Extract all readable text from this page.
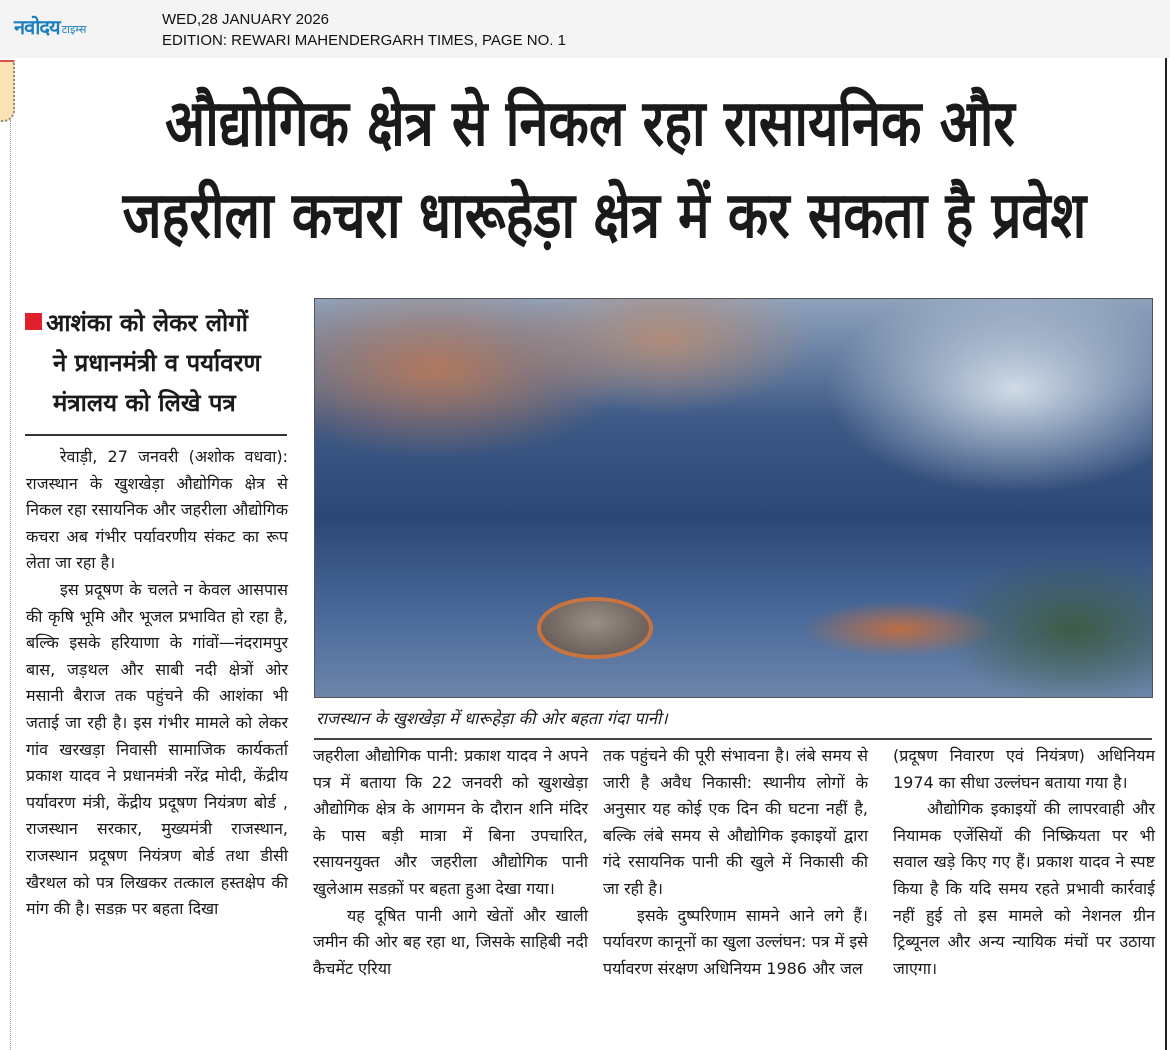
नवोदय टाइम्स
WED,28 JANUARY 2026
EDITION: REWARI MAHENDERGARH TIMES, PAGE NO. 1
औद्योगिक क्षेत्र से निकल रहा रासायनिक और
जहरीला कचरा धारूहेड़ा क्षेत्र में कर सकता है प्रवेश
आशंका को लेकर लोगों
ने प्रधानमंत्री व पर्यावरण
मंत्रालय को लिखे पत्र

रेवाड़ी, 27 जनवरी (अशोक वधवा): राजस्थान के खुशखेड़ा औद्योगिक क्षेत्र से निकल रहा रसायनिक और जहरीला औद्योगिक कचरा अब गंभीर पर्यावरणीय संकट का रूप लेता जा रहा है।

इस प्रदूषण के चलते न केवल आसपास की कृषि भूमि और भूजल प्रभावित हो रहा है, बल्कि इसके हरियाणा के गांवों—नंदरामपुर बास, जड़थल और साबी नदी क्षेत्रों ओर मसानी बैराज तक पहुंचने की आशंका भी जताई जा रही है। इस गंभीर मामले को लेकर गांव खरखड़ा निवासी सामाजिक कार्यकर्ता प्रकाश यादव ने प्रधानमंत्री नरेंद्र मोदी, केंद्रीय पर्यावरण मंत्री, केंद्रीय प्रदूषण नियंत्रण बोर्ड , राजस्थान सरकार, मुख्यमंत्री राजस्थान, राजस्थान प्रदूषण नियंत्रण बोर्ड तथा डीसी खैरथल को पत्र लिखकर तत्काल हस्तक्षेप की मांग की है। सडक़ पर बहता दिखा

राजस्थान के खुशखेड़ा में धारूहेड़ा की ओर बहता गंदा पानी।

जहरीला औद्योगिक पानी: प्रकाश यादव ने अपने पत्र में बताया कि 22 जनवरी को खुशखेड़ा औद्योगिक क्षेत्र के आगमन के दौरान शनि मंदिर के पास बड़ी मात्रा में बिना उपचारित, रसायनयुक्त और जहरीला औद्योगिक पानी खुलेआम सडक़ों पर बहता हुआ देखा गया।

यह दूषित पानी आगे खेतों और खाली जमीन की ओर बह रहा था, जिसके साहिबी नदी कैचमेंट एरिया

तक पहुंचने की पूरी संभावना है। लंबे समय से जारी है अवैध निकासी: स्थानीय लोगों के अनुसार यह कोई एक दिन की घटना नहीं है, बल्कि लंबे समय से औद्योगिक इकाइयों द्वारा गंदे रसायनिक पानी की खुले में निकासी की जा रही है।

इसके दुष्परिणाम सामने आने लगे हैं। पर्यावरण कानूनों का खुला उल्लंघन: पत्र में इसे पर्यावरण संरक्षण अधिनियम 1986 और जल

(प्रदूषण निवारण एवं नियंत्रण) अधिनियम 1974 का सीधा उल्लंघन बताया गया है।

औद्योगिक इकाइयों की लापरवाही और नियामक एजेंसियों की निष्क्रियता पर भी सवाल खड़े किए गए हैं। प्रकाश यादव ने स्पष्ट किया है कि यदि समय रहते प्रभावी कार्रवाई नहीं हुई तो इस मामले को नेशनल ग्रीन ट्रिब्यूनल और अन्य न्यायिक मंचों पर उठाया जाएगा।
